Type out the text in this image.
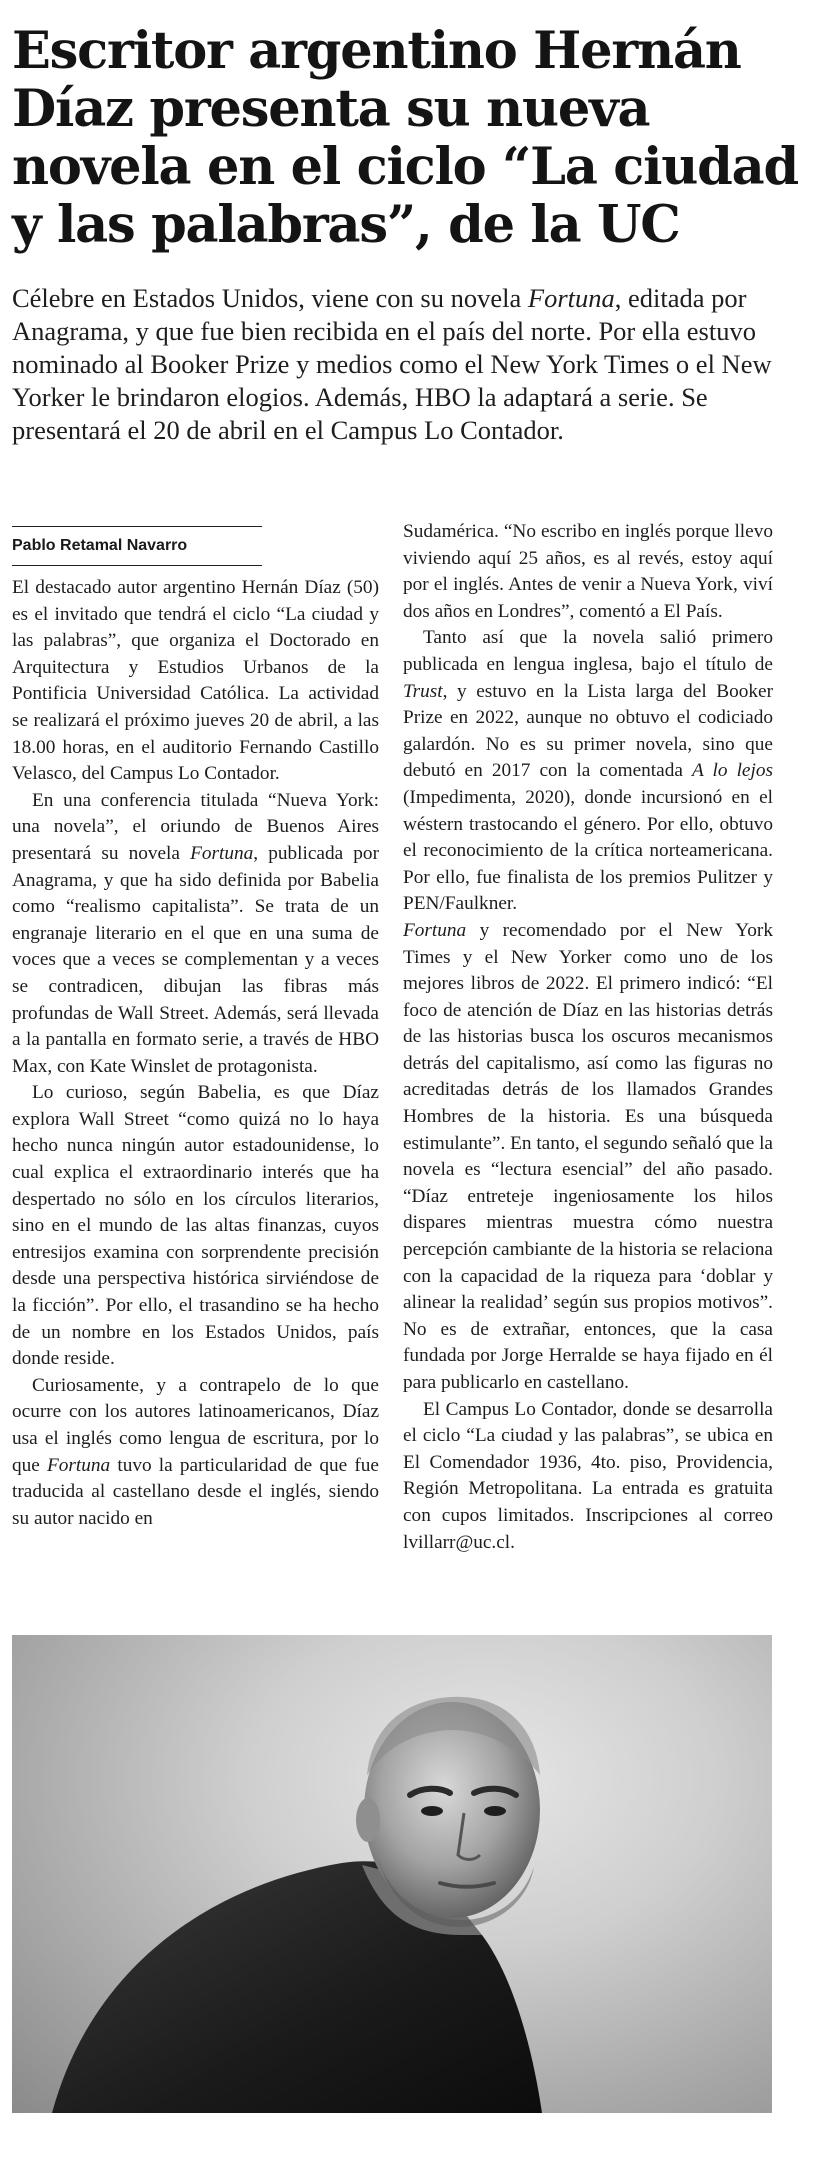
Escritor argentino Hernán Díaz presenta su nueva novela en el ciclo “La ciudad y las palabras”, de la UC

Célebre en Estados Unidos, viene con su novela Fortuna, editada por Anagrama, y que fue bien recibida en el país del norte. Por ella estuvo nominado al Booker Prize y medios como el New York Times o el New Yorker le brindaron elogios. Además, HBO la adaptará a serie. Se presentará el 20 de abril en el Campus Lo Contador.

Pablo Retamal Navarro

El destacado autor argentino Hernán Díaz (50) es el invitado que tendrá el ciclo “La ciudad y las palabras”, que organiza el Doctorado en Arquitectura y Estudios Urbanos de la Pontificia Universidad Católica. La actividad se realizará el próximo jueves 20 de abril, a las 18.00 horas, en el auditorio Fernando Castillo Velasco, del Campus Lo Contador.

En una conferencia titulada “Nueva York: una novela”, el oriundo de Buenos Aires presentará su novela Fortuna, publicada por Anagrama, y que ha sido definida por Babelia como “realismo capitalista”. Se trata de un engranaje literario en el que en una suma de voces que a veces se complementan y a veces se contradicen, dibujan las fibras más profundas de Wall Street. Además, será llevada a la pantalla en formato serie, a través de HBO Max, con Kate Winslet de protagonista.

Lo curioso, según Babelia, es que Díaz explora Wall Street “como quizá no lo haya hecho nunca ningún autor estadounidense, lo cual explica el extraordinario interés que ha despertado no sólo en los círculos literarios, sino en el mundo de las altas finanzas, cuyos entresijos examina con sorprendente precisión desde una perspectiva histórica sirviéndose de la ficción”. Por ello, el trasandino se ha hecho de un nombre en los Estados Unidos, país donde reside.

Curiosamente, y a contrapelo de lo que ocurre con los autores latinoamericanos, Díaz usa el inglés como lengua de escritura, por lo que Fortuna tuvo la particularidad de que fue traducida al castellano desde el inglés, siendo su autor nacido en

Sudamérica. “No escribo en inglés porque llevo viviendo aquí 25 años, es al revés, estoy aquí por el inglés. Antes de venir a Nueva York, viví dos años en Londres”, comentó a El País.

Tanto así que la novela salió primero publicada en lengua inglesa, bajo el título de Trust, y estuvo en la Lista larga del Booker Prize en 2022, aunque no obtuvo el codiciado galardón. No es su primer novela, sino que debutó en 2017 con la comentada A lo lejos (Impedimenta, 2020), donde incursionó en el wéstern trastocando el género. Por ello, obtuvo el reconocimiento de la crítica norteamericana. Por ello, fue finalista de los premios Pulitzer y PEN/Faulkner.

Fortuna y recomendado por el New York Times y el New Yorker como uno de los mejores libros de 2022. El primero indicó: “El foco de atención de Díaz en las historias detrás de las historias busca los oscuros mecanismos detrás del capitalismo, así como las figuras no acreditadas detrás de los llamados Grandes Hombres de la historia. Es una búsqueda estimulante”. En tanto, el segundo señaló que la novela es “lectura esencial” del año pasado. “Díaz entreteje ingeniosamente los hilos dispares mientras muestra cómo nuestra percepción cambiante de la historia se relaciona con la capacidad de la riqueza para ‘doblar y alinear la realidad’ según sus propios motivos”. No es de extrañar, entonces, que la casa fundada por Jorge Herralde se haya fijado en él para publicarlo en castellano.

El Campus Lo Contador, donde se desarrolla el ciclo “La ciudad y las palabras”, se ubica en El Comendador 1936, 4to. piso, Providencia, Región Metropolitana. La entrada es gratuita con cupos limitados. Inscripciones al correo lvillarr@uc.cl.
